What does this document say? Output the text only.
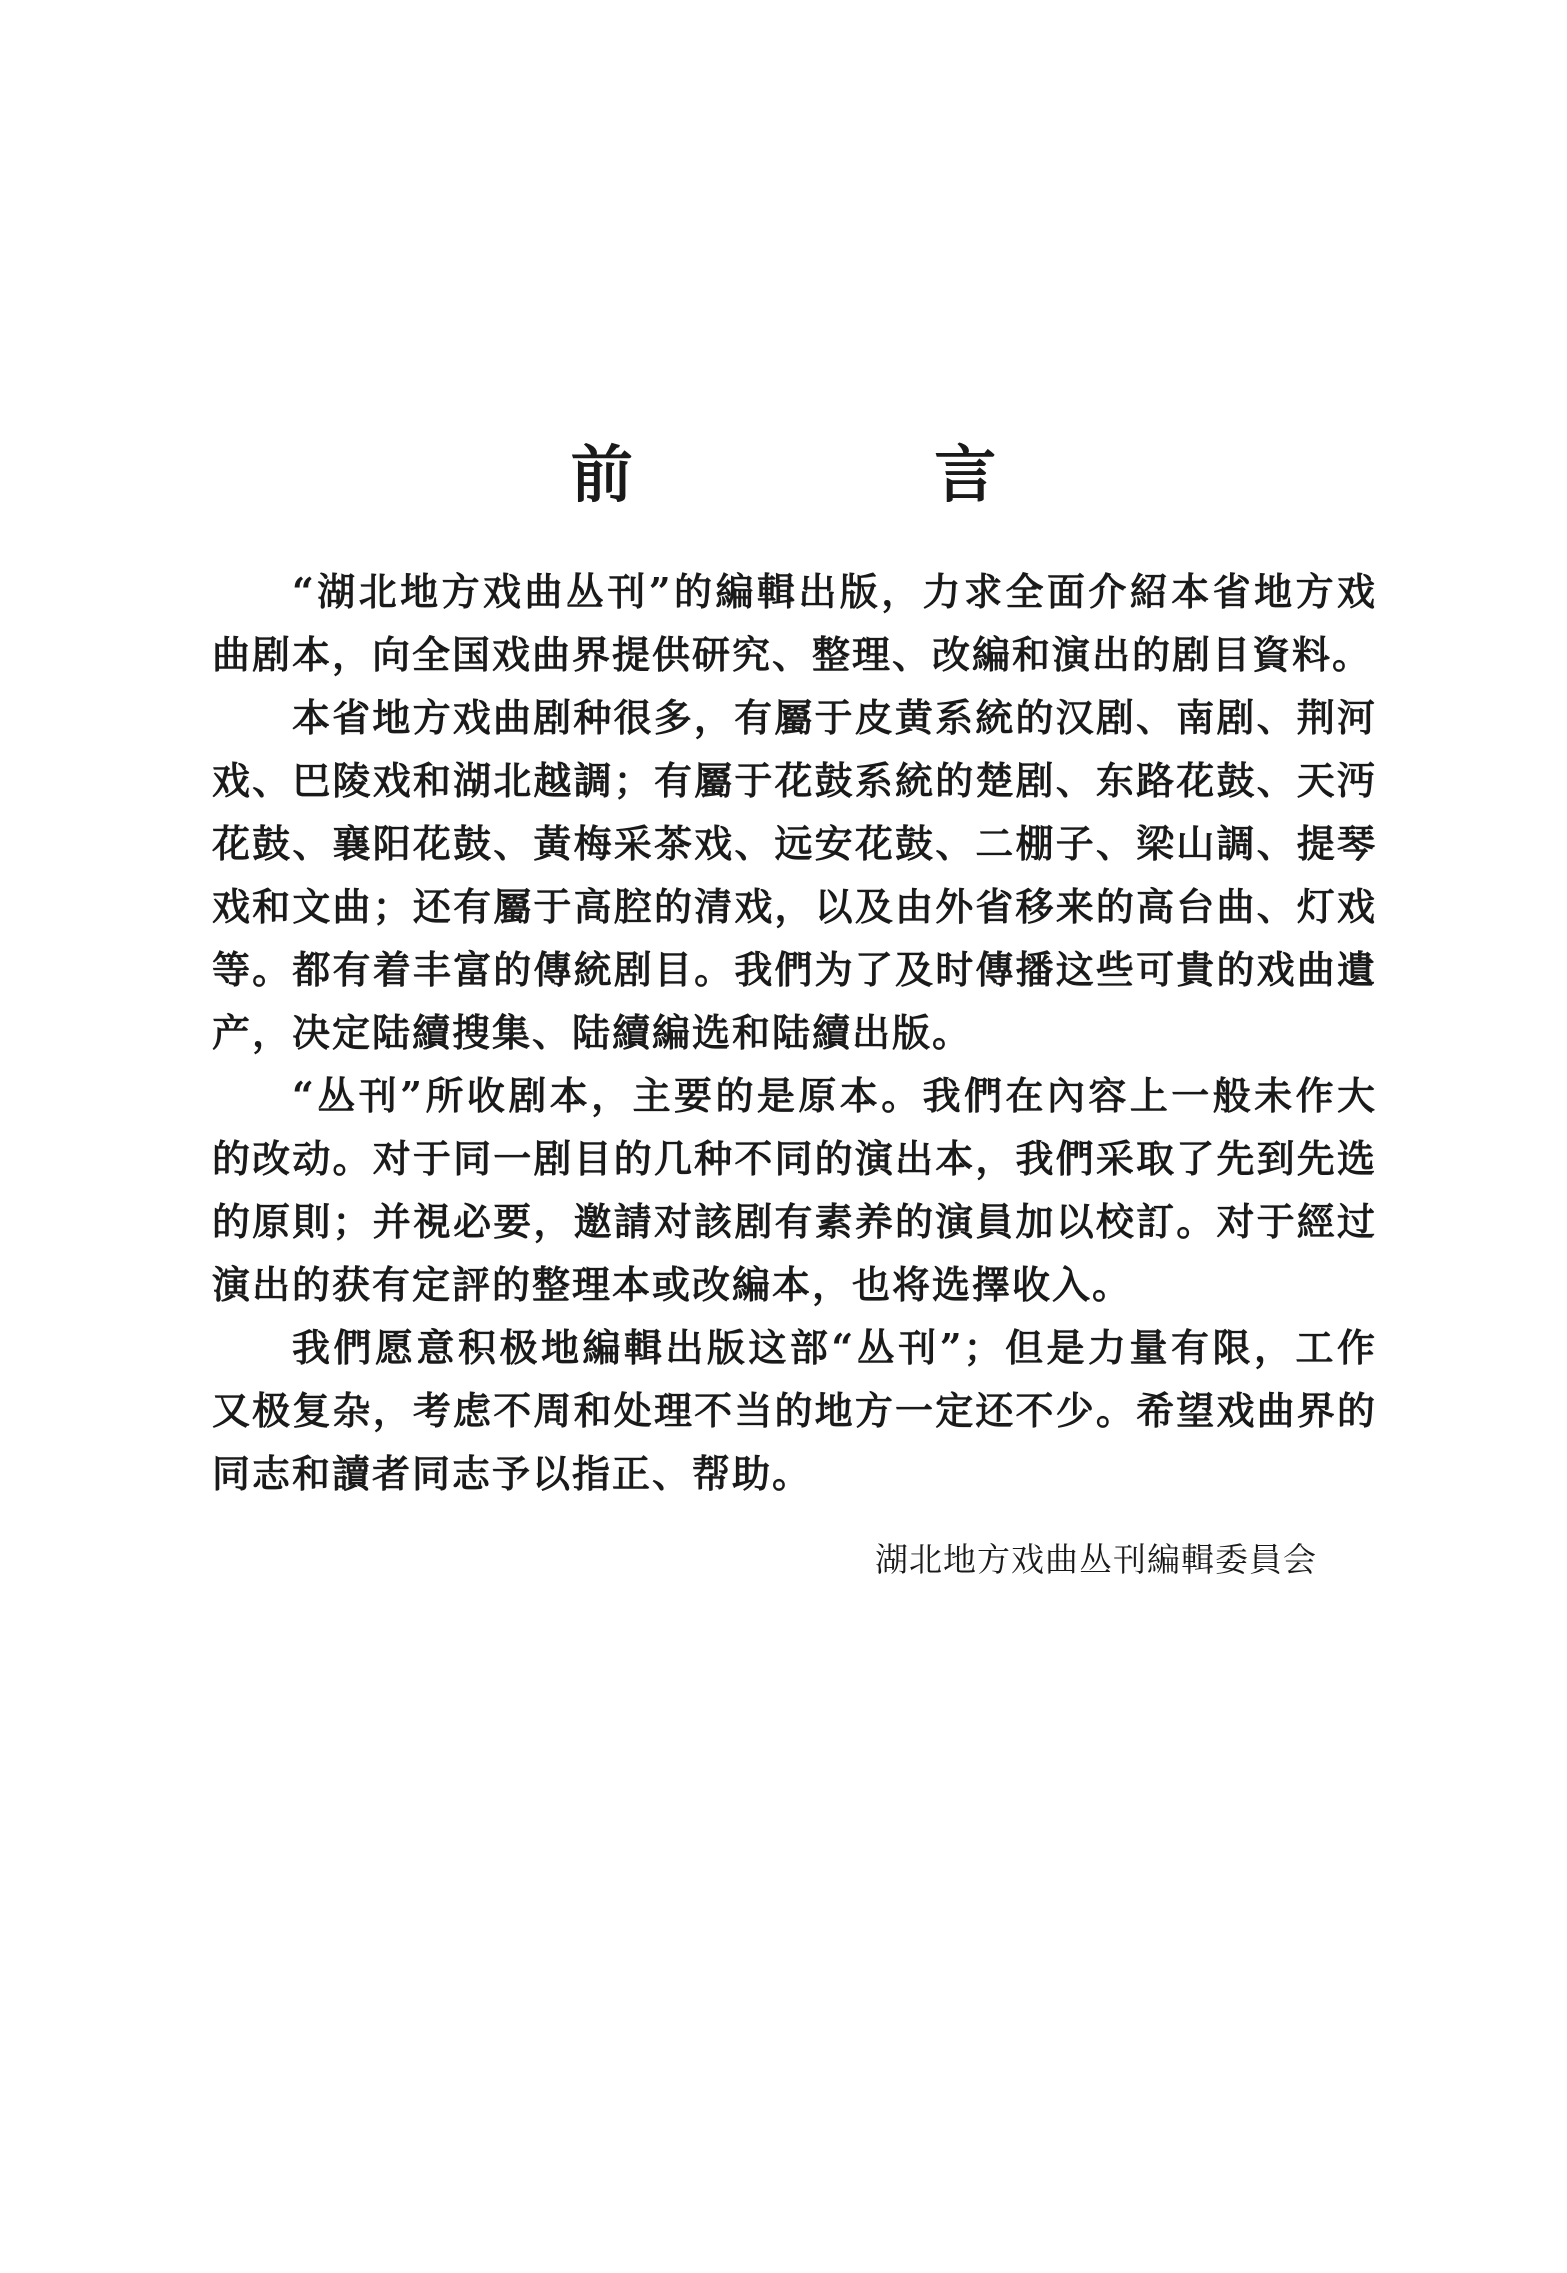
前 言

“湖北地方戏曲丛刊”的編輯出版，力求全面介紹本省地方戏曲剧本，向全国戏曲界提供研究、整理、改編和演出的剧目資料。

本省地方戏曲剧种很多，有屬于皮黄系統的汉剧、南剧、荆河戏、巴陵戏和湖北越調；有屬于花鼓系統的楚剧、东路花鼓、天沔花鼓、襄阳花鼓、黃梅采茶戏、远安花鼓、二棚子、梁山調、提琴戏和文曲；还有屬于高腔的清戏，以及由外省移来的高台曲、灯戏等。都有着丰富的傳統剧目。我們为了及时傳播这些可貴的戏曲遺产，决定陆續搜集、陆續編选和陆續出版。

“丛刊”所收剧本，主要的是原本。我們在內容上一般未作大的改动。对于同一剧目的几种不同的演出本，我們采取了先到先选的原則；并視必要，邀請对該剧有素养的演員加以校訂。对于經过演出的获有定評的整理本或改編本，也将选擇收入。

我們愿意积极地編輯出版这部“丛刊”；但是力量有限，工作又极复杂，考虑不周和处理不当的地方一定还不少。希望戏曲界的同志和讀者同志予以指正、帮助。

湖北地方戏曲丛刊編輯委員会
